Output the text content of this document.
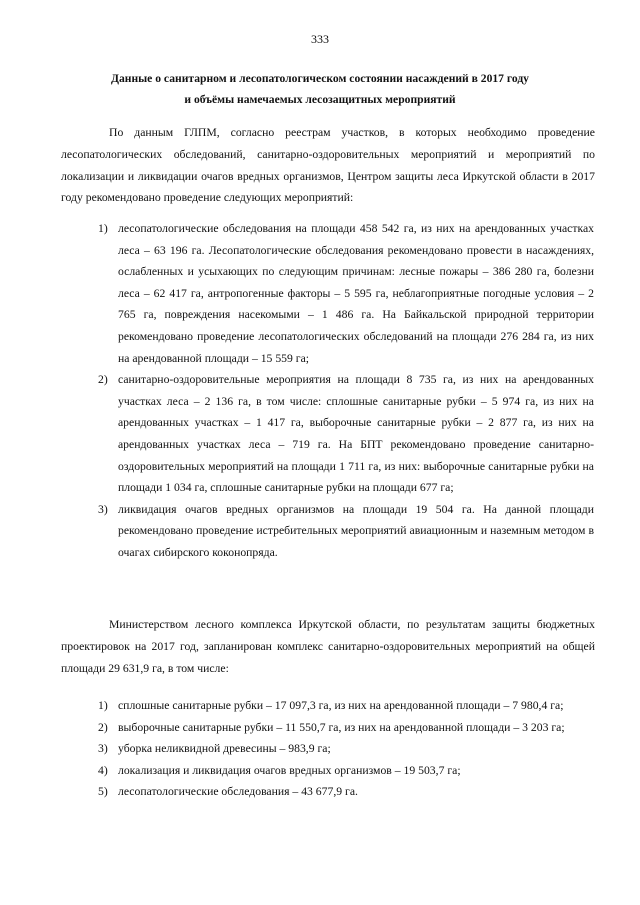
333
Данные о санитарном и лесопатологическом состоянии насаждений в 2017 году
и объёмы намечаемых лесозащитных мероприятий

По данным ГЛПМ, согласно реестрам участков, в которых необходимо проведение лесопатологических обследований, санитарно-оздоровительных мероприятий и мероприятий по локализации и ликвидации очагов вредных организмов, Центром защиты леса Иркутской области в 2017 году рекомендовано проведение следующих мероприятий:

1) лесопатологические обследования на площади 458 542 га, из них на арендованных участках леса – 63 196 га. Лесопатологические обследования рекомендовано провести в насаждениях, ослабленных и усыхающих по следующим причинам: лесные пожары – 386 280 га, болезни леса – 62 417 га, антропогенные факторы – 5 595 га, неблагоприятные погодные условия – 2 765 га, повреждения насекомыми – 1 486 га. На Байкальской природной территории рекомендовано проведение лесопатологических обследований на площади 276 284 га, из них на арендованной площади – 15 559 га;
2) санитарно-оздоровительные мероприятия на площади 8 735 га, из них на арендованных участках леса – 2 136 га, в том числе: сплошные санитарные рубки – 5 974 га, из них на арендованных участках – 1 417 га, выборочные санитарные рубки – 2 877 га, из них на арендованных участках леса – 719 га. На БПТ рекомендовано проведение санитарно-оздоровительных мероприятий на площади 1 711 га, из них: выборочные санитарные рубки на площади 1 034 га, сплошные санитарные рубки на площади 677 га;
3) ликвидация очагов вредных организмов на площади 19 504 га. На данной площади рекомендовано проведение истребительных мероприятий авиационным и наземным методом в очагах сибирского коконопряда.

Министерством лесного комплекса Иркутской области, по результатам защиты бюджетных проектировок на 2017 год, запланирован комплекс санитарно-оздоровительных мероприятий на общей площади 29 631,9 га, в том числе:

1) сплошные санитарные рубки – 17 097,3 га, из них на арендованной площади – 7 980,4 га;
2) выборочные санитарные рубки – 11 550,7 га, из них на арендованной площади – 3 203 га;
3) уборка неликвидной древесины – 983,9 га;
4) локализация и ликвидация очагов вредных организмов – 19 503,7 га;
5) лесопатологические обследования – 43 677,9 га.
